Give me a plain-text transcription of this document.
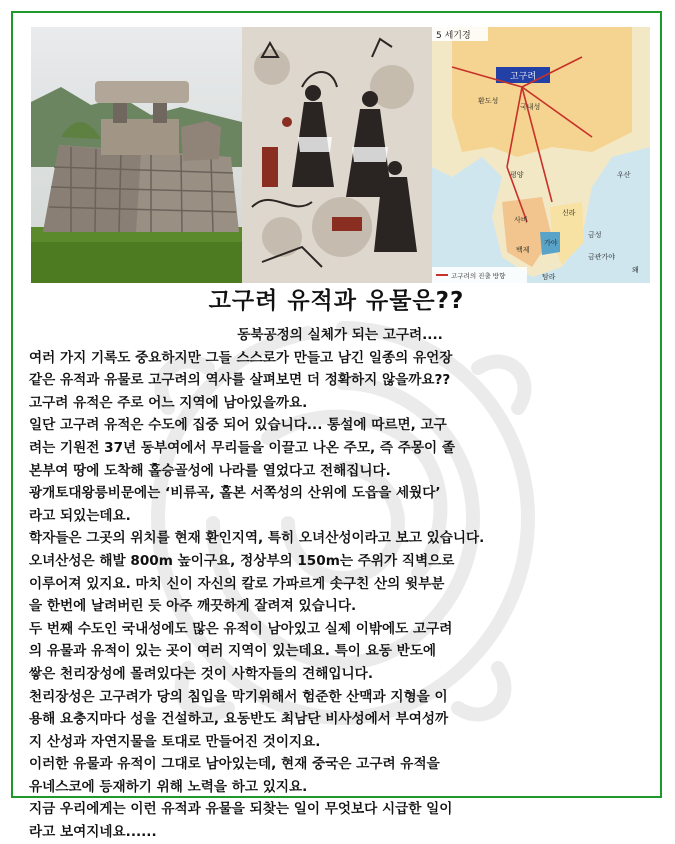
고구려
5 세기경
환도성
국내성
평양
백제
사비
신라
금성
가야
금관가야
탐라
우산
왜
고구려의 진출 방향
고구려 유적과 유물은??
동북공정의 실체가 되는 고구려....
여러 가지 기록도 중요하지만 그들 스스로가 만들고 남긴 일종의 유언장
같은 유적과 유물로 고구려의 역사를 살펴보면 더 정확하지 않을까요??
고구려 유적은 주로 어느 지역에 남아있을까요.
일단 고구려 유적은 수도에 집중 되어 있습니다... 통설에 따르면, 고구
려는 기원전 37년 동부여에서 무리들을 이끌고 나온 주모, 즉 주몽이 졸
본부여 땅에 도착해 홀승골성에 나라를 열었다고 전해집니다.
광개토대왕릉비문에는 ‘비류곡, 홀본 서쪽성의 산위에 도읍을 세웠다’
라고 되있는데요.
학자들은 그곳의 위치를 현재 환인지역, 특히 오녀산성이라고 보고 있습니다.
오녀산성은 해발 800m 높이구요, 정상부의 150m는 주위가 직벽으로
이루어져 있지요. 마치 신이 자신의 칼로 가파르게 솟구친 산의 윗부분
을 한번에 날려버린 듯 아주 깨끗하게 잘려져 있습니다.
두 번째 수도인 국내성에도 많은 유적이 남아있고 실제 이밖에도 고구려
의 유물과 유적이 있는 곳이 여러 지역이 있는데요. 특이 요동 반도에
쌓은 천리장성에 몰려있다는 것이 사학자들의 견해입니다.
천리장성은 고구려가 당의 침입을 막기위해서 험준한 산맥과 지형을 이
용해 요충지마다 성을 건설하고, 요동반도 최남단 비사성에서 부여성까
지 산성과 자연지물을 토대로 만들어진 것이지요.
이러한 유물과 유적이 그대로 남아있는데, 현재 중국은 고구려 유적을
유네스코에 등재하기 위해 노력을 하고 있지요.
지금 우리에게는 이런 유적과 유물을 되찾는 일이 무엇보다 시급한 일이
라고 보여지네요......
